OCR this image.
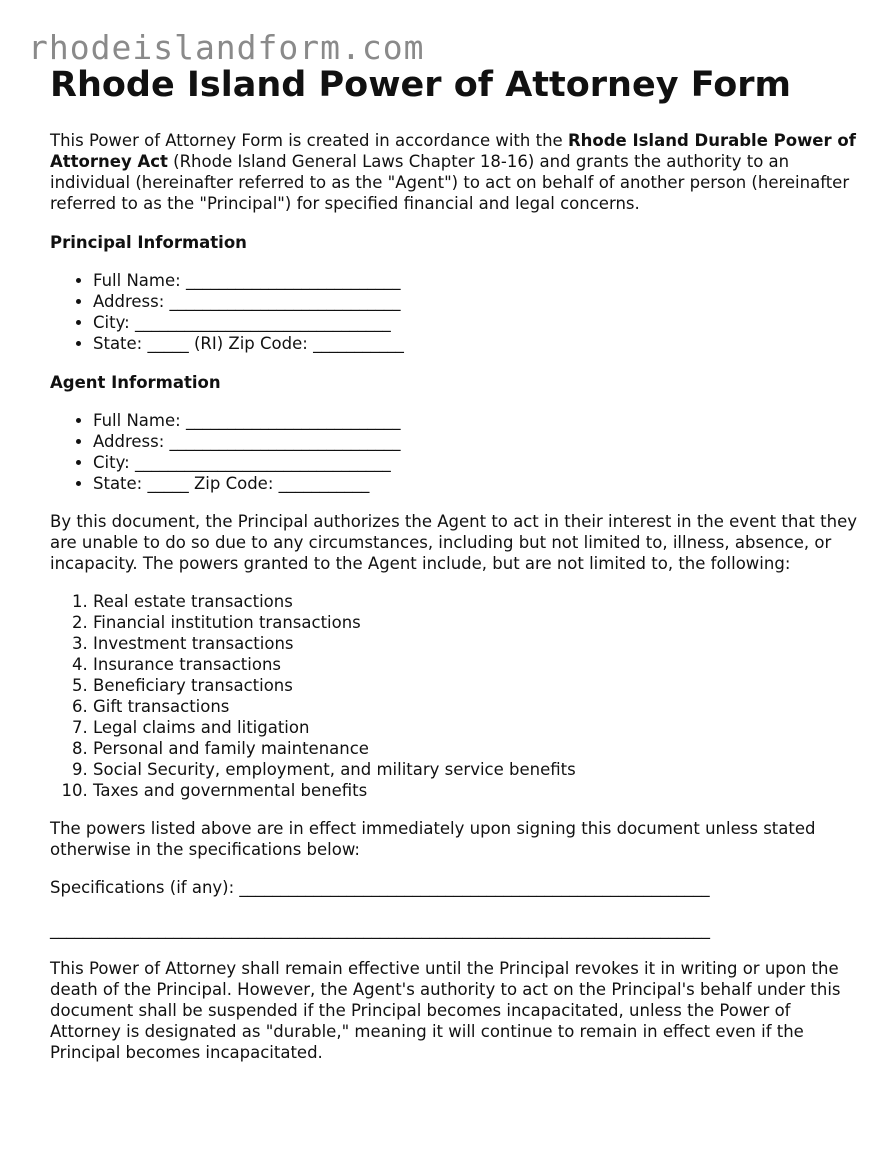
rhodeislandform.com
Rhode Island Power of Attorney Form

This Power of Attorney Form is created in accordance with the Rhode Island Durable Power of Attorney Act (Rhode Island General Laws Chapter 18-16) and grants the authority to an individual (hereinafter referred to as the "Agent") to act on behalf of another person (hereinafter referred to as the "Principal") for specified financial and legal concerns.

Principal Information
• Full Name: __________________________
• Address: ____________________________
• City: _______________________________
• State: _____ (RI) Zip Code: ___________
Agent Information
• Full Name: __________________________
• Address: ____________________________
• City: _______________________________
• State: _____ Zip Code: ___________

By this document, the Principal authorizes the Agent to act in their interest in the event that they are unable to do so due to any circumstances, including but not limited to, illness, absence, or incapacity. The powers granted to the Agent include, but are not limited to, the following:

1. Real estate transactions
2. Financial institution transactions
3. Investment transactions
4. Insurance transactions
5. Beneficiary transactions
6. Gift transactions
7. Legal claims and litigation
8. Personal and family maintenance
9. Social Security, employment, and military service benefits
10. Taxes and governmental benefits

The powers listed above are in effect immediately upon signing this document unless stated otherwise in the specifications below:

Specifications (if any): _________________________________________________________
________________________________________________________________________________

This Power of Attorney shall remain effective until the Principal revokes it in writing or upon the death of the Principal. However, the Agent's authority to act on the Principal's behalf under this document shall be suspended if the Principal becomes incapacitated, unless the Power of Attorney is designated as "durable," meaning it will continue to remain in effect even if the Principal becomes incapacitated.
